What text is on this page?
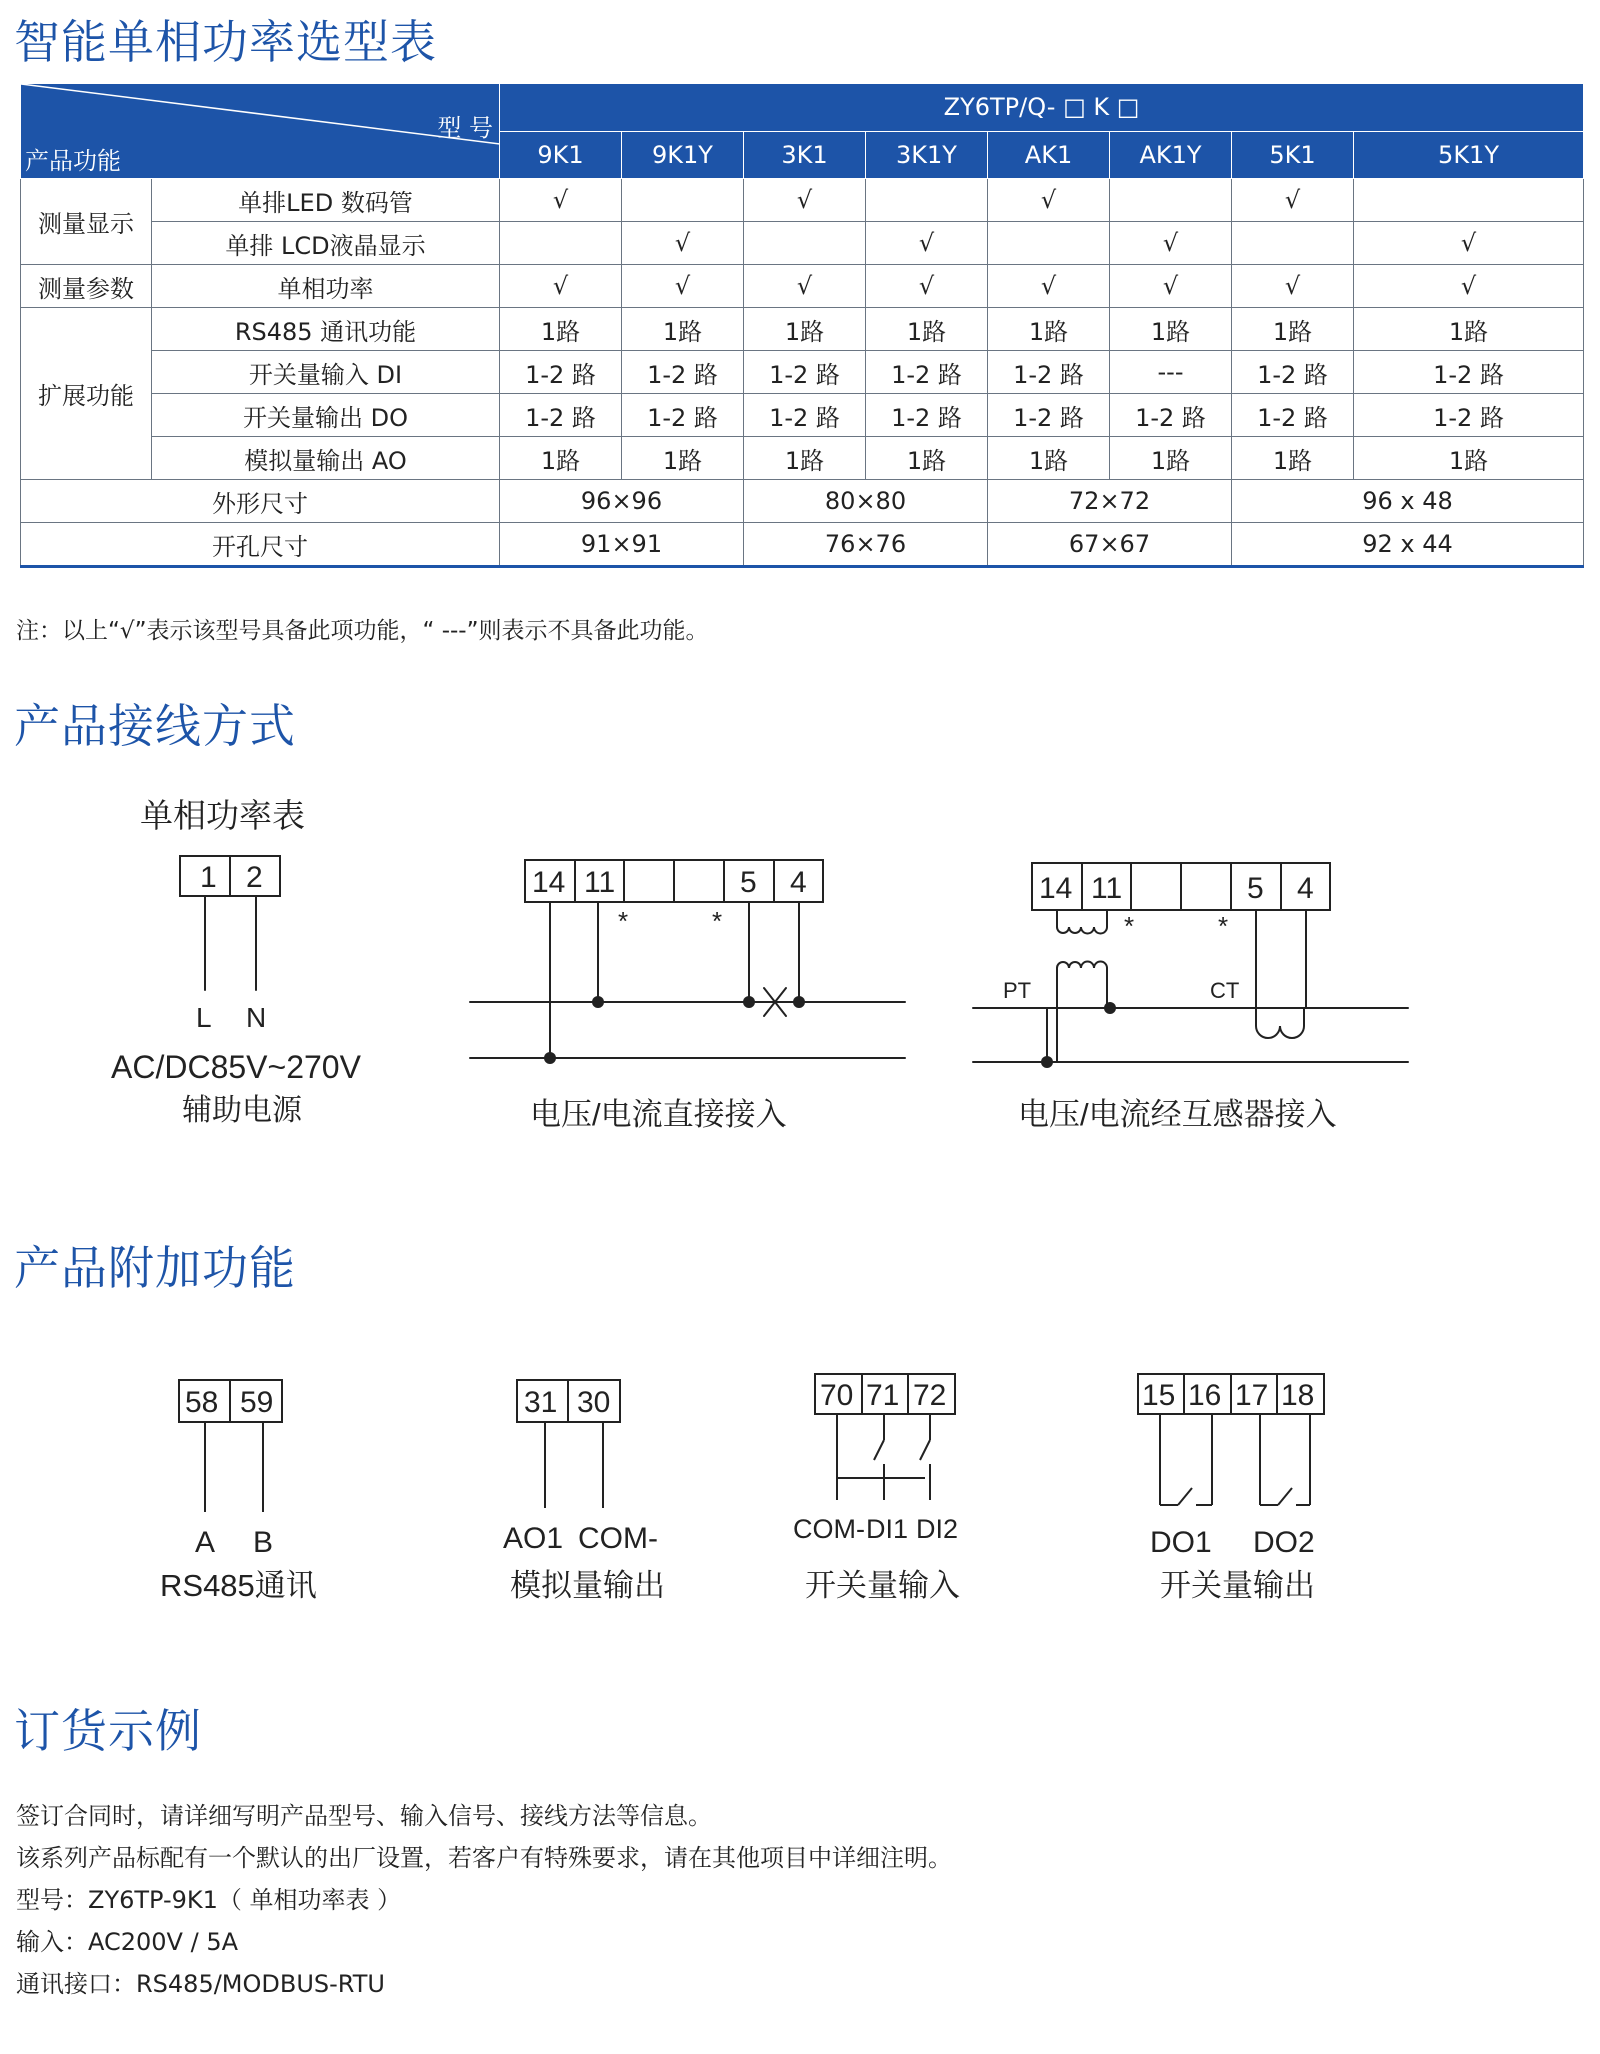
智能单相功率选型表
产品接线方式
产品附加功能
订货示例
型 号
产品功能		ZY6TP/Q- □ K □							
		9K1	9K1Y	3K1	3K1Y	AK1	AK1Y	5K1	5K1Y
测量显示	单排LED 数码管	√		√		√		√	
	单排 LCD液晶显示		√		√		√		√
测量参数	单相功率	√	√	√	√	√	√	√	√
扩展功能	RS485 通讯功能	1路	1路	1路	1路	1路	1路	1路	1路
	开关量输入 DI	1-2 路	1-2 路	1-2 路	1-2 路	1-2 路	---	1-2 路	1-2 路
	开关量输出 DO	1-2 路	1-2 路	1-2 路	1-2 路	1-2 路	1-2 路	1-2 路	1-2 路
	模拟量输出 AO	1路	1路	1路	1路	1路	1路	1路	1路
外形尺寸		96×96		80×80		72×72		96 x 48	
开孔尺寸		91×91		76×76		67×67		92 x 44	
注：以上“√”表示该型号具备此项功能，“ ---”则表示不具备此功能。
单相功率表
1 2
L N
AC/DC85V~270V
辅助电源
14 11	5 4
*	*
电压/电流直接接入
14 11	5 4
*	*
PT	CT
电压/电流经互感器接入
58 59
A B
RS485通讯
31 30
AO1 COM-
模拟量输出
70 71 72
COM- DI1 DI2
开关量输入
15 16 17 18
DO1 DO2
开关量输出
签订合同时，请详细写明产品型号、输入信号、接线方法等信息。
该系列产品标配有一个默认的出厂设置，若客户有特殊要求，请在其他项目中详细注明。
型号：ZY6TP-9K1（ 单相功率表 ）
输入：AC200V / 5A
通讯接口：RS485/MODBUS-RTU
